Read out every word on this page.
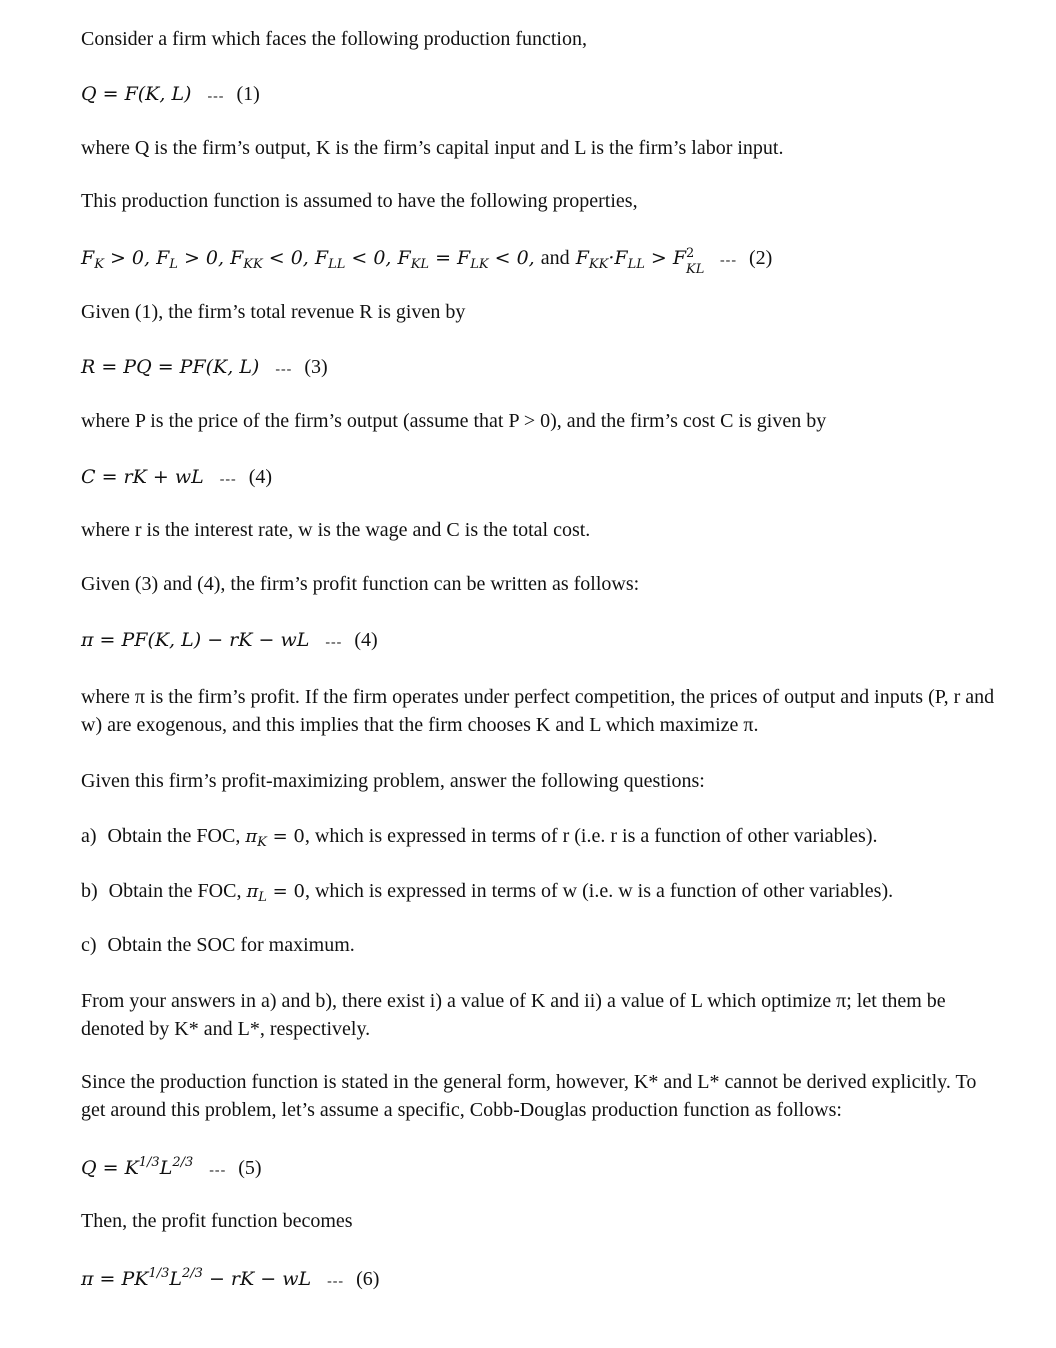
Consider a firm which faces the following production function,
Q = F(K, L) --- (1)
where Q is the firm’s output, K is the firm’s capital input and L is the firm’s labor input.
This production function is assumed to have the following properties,
$F_K > 0$, $F_L > 0$, $F_{KK} < 0$, $F_{LL} < 0$, $F_{KL} = F_{LK} < 0$, and $F_{KK}\cdot F_{LL} > F$ 2
KL
--- (2)
Given (1), the firm’s total revenue R is given by
R = PQ = PF(K, L) --- (3)
where P is the price of the firm’s output (assume that P > 0), and the firm’s cost C is given by
C = rK + wL --- (4)
where r is the interest rate, w is the wage and C is the total cost.
Given (3) and (4), the firm’s profit function can be written as follows:
π = PF(K, L) − rK − wL --- (4)
where π is the firm’s profit. If the firm operates under perfect competition, the prices of output and inputs (P, r and w) are exogenous, and this implies that the firm chooses K and L which maximize π.
Given this firm’s profit-maximizing problem, answer the following questions:
a) Obtain the FOC, $\pi_K = 0$, which is expressed in terms of r (i.e. r is a function of other variables).
b) Obtain the FOC, $\pi_L = 0$, which is expressed in terms of w (i.e. w is a function of other variables).
c) Obtain the SOC for maximum.
From your answers in a) and b), there exist i) a value of K and ii) a value of L which optimize π; let them be denoted by K* and L*, respectively.
Since the production function is stated in the general form, however, K* and L* cannot be derived explicitly. To get around this problem, let’s assume a specific, Cobb-Douglas production function as follows:
$Q = K^{1/3}L^{2/3}---$ (5)
Then, the profit function becomes
$\pi = PK^{1/3}L^{2/3}$ − rK − wL --- (6)
